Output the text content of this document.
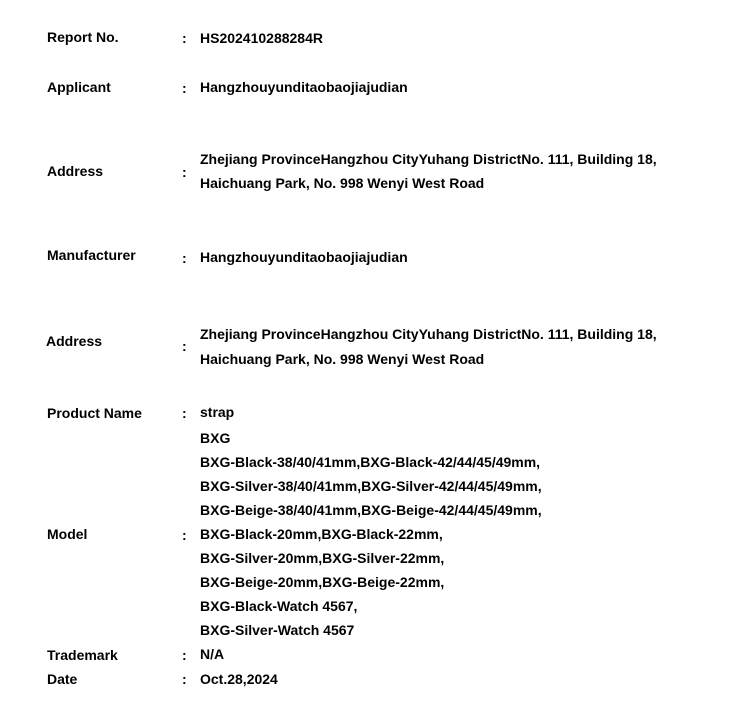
Report No.	: HS202410288284R
Applicant	: Hangzhouyunditaobaojiajudian
Address	:
Zhejiang ProvinceHangzhou CityYuhang DistrictNo. 111, Building 18,
Haichuang Park, No. 998 Wenyi West Road
Manufacturer	: Hangzhouyunditaobaojiajudian
Address	:
Zhejiang ProvinceHangzhou CityYuhang DistrictNo. 111, Building 18,
Haichuang Park, No. 998 Wenyi West Road
Product Name	: strap
Model	:
BXG
BXG-Black-38/40/41mm,BXG-Black-42/44/45/49mm,
BXG-Silver-38/40/41mm,BXG-Silver-42/44/45/49mm,
BXG-Beige-38/40/41mm,BXG-Beige-42/44/45/49mm,
BXG-Black-20mm,BXG-Black-22mm,
BXG-Silver-20mm,BXG-Silver-22mm,
BXG-Beige-20mm,BXG-Beige-22mm,
BXG-Black-Watch 4567,
BXG-Silver-Watch 4567
Trademark	: N/A
Date	: Oct.28,2024
